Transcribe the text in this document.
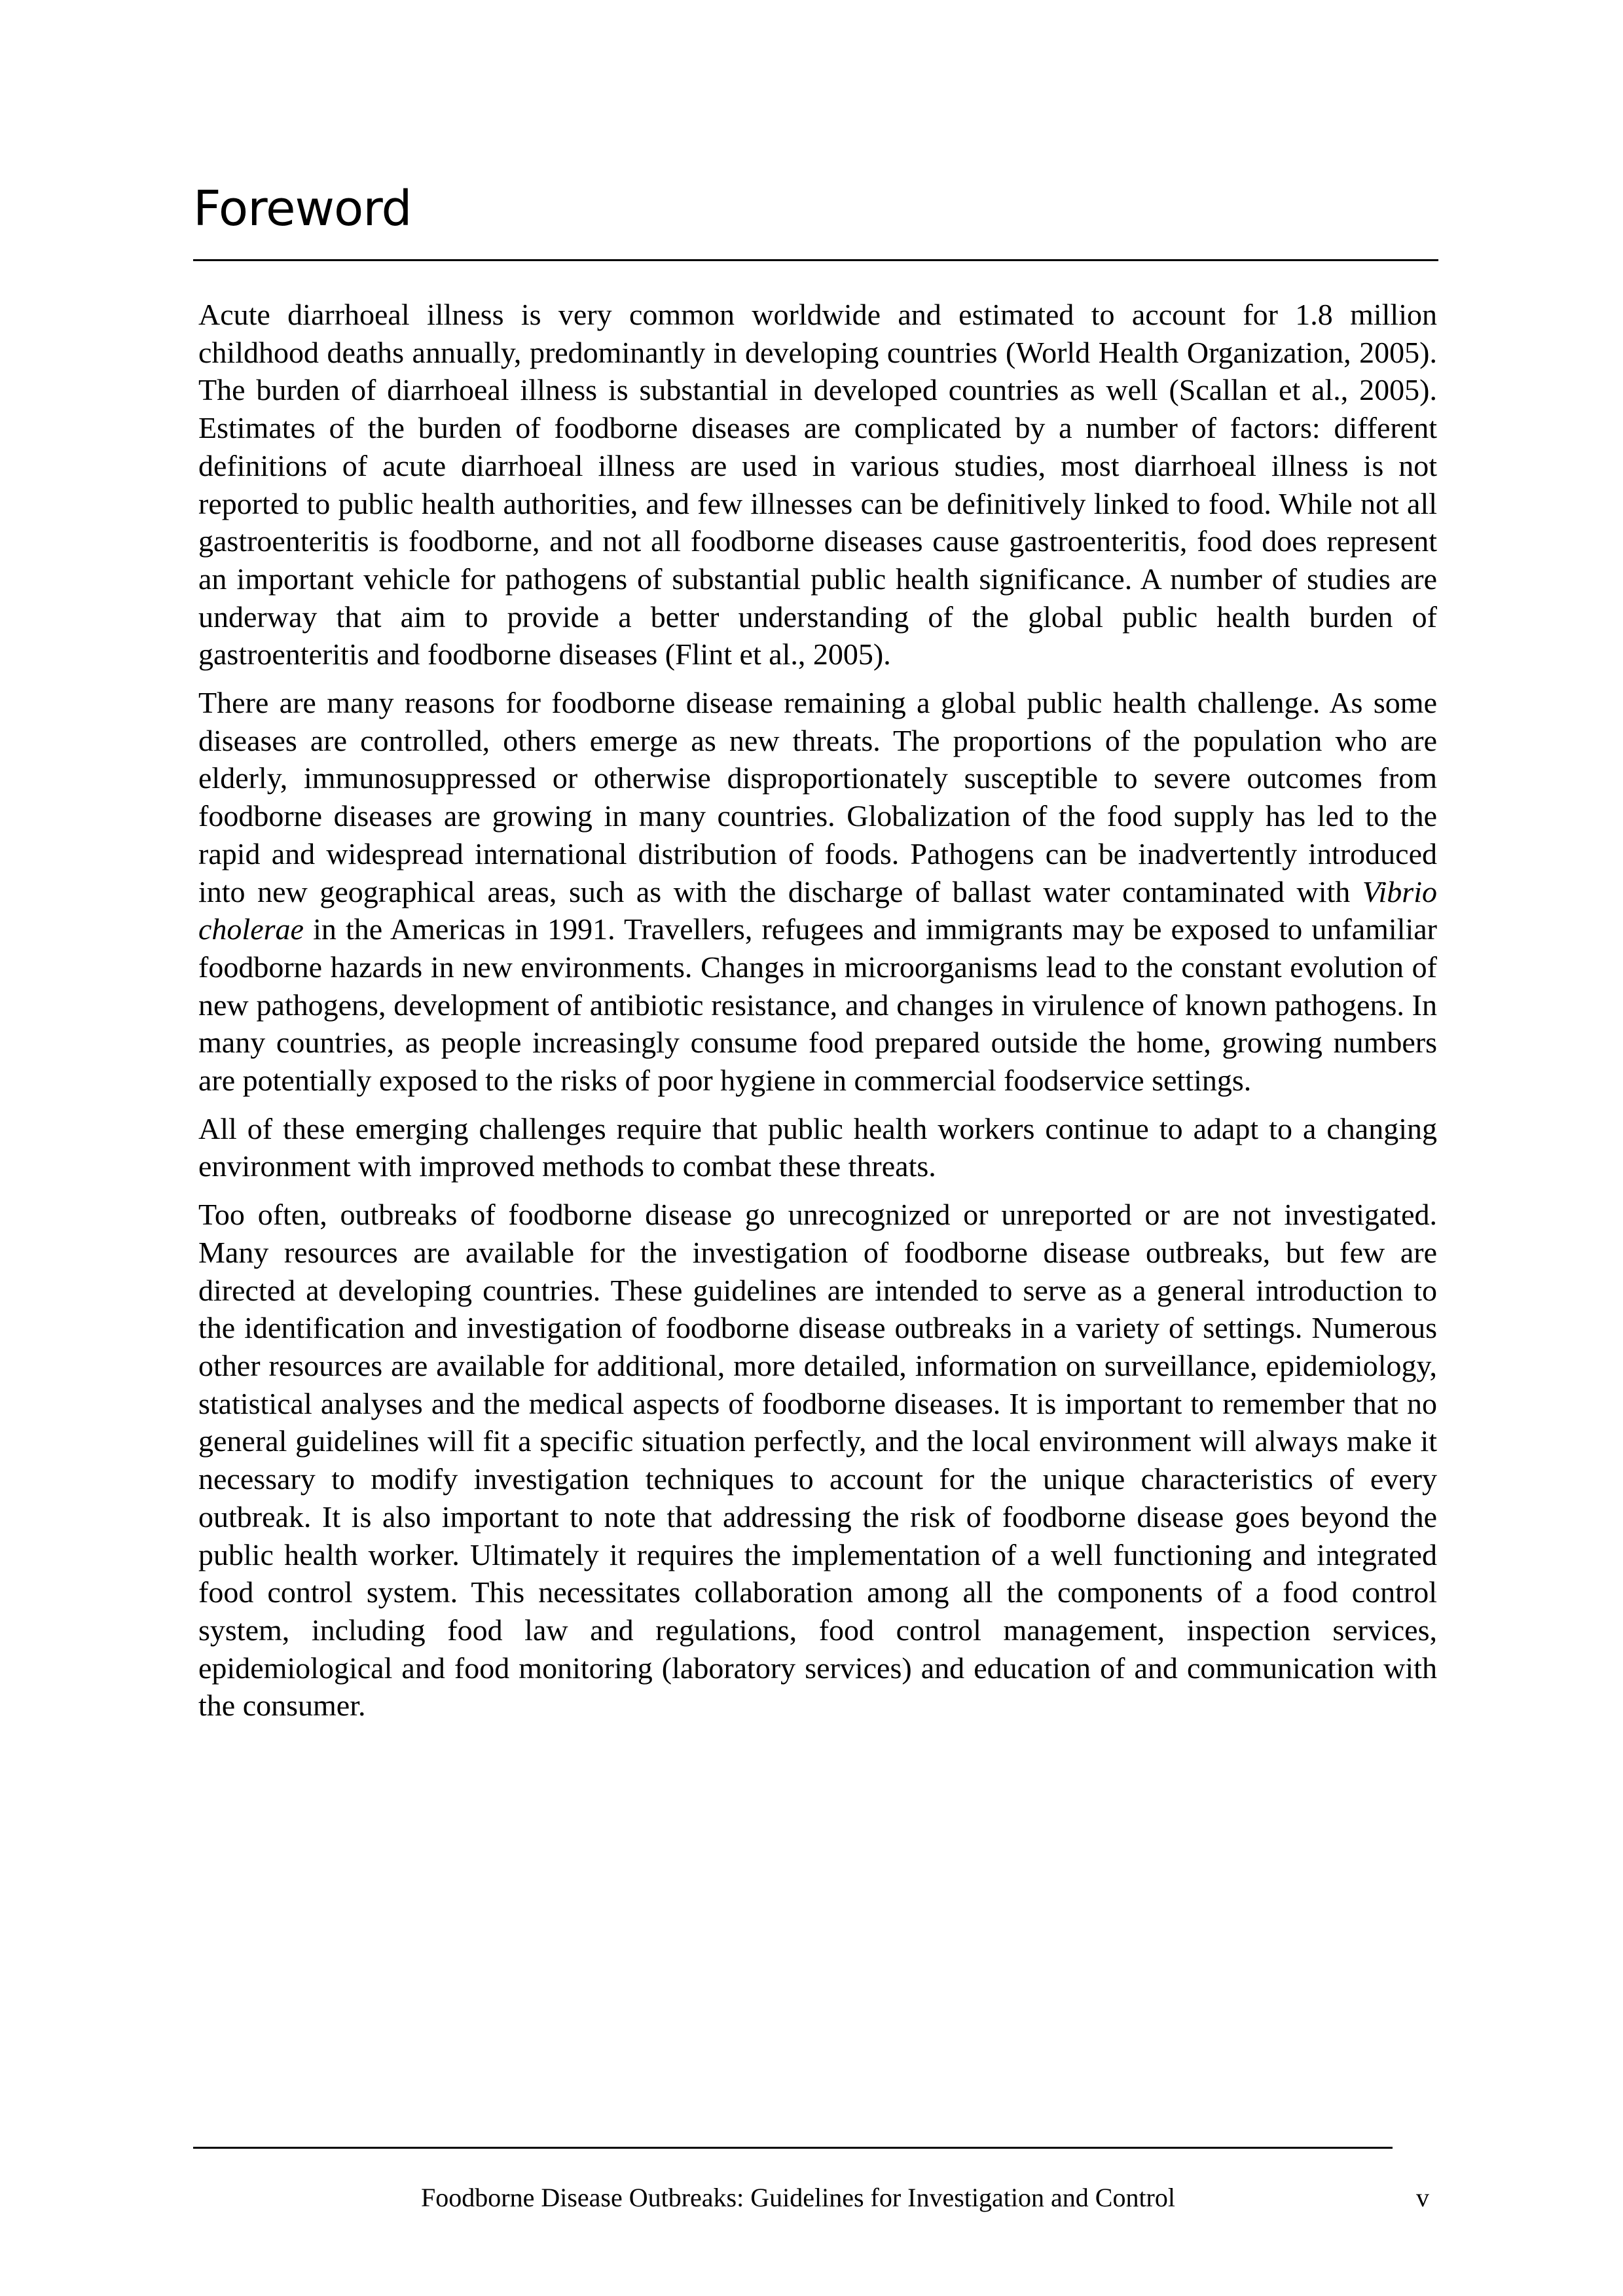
Foreword

Acute diarrhoeal illness is very common worldwide and estimated to account for 1.8 million childhood deaths annually, predominantly in developing countries (World Health Organization, 2005). The burden of diarrhoeal illness is substantial in developed countries as well (Scallan et al., 2005). Estimates of the burden of foodborne diseases are complicated by a number of factors: different definitions of acute diarrhoeal illness are used in various studies, most diarrhoeal illness is not reported to public health authorities, and few illnesses can be definitively linked to food. While not all gastroenteritis is foodborne, and not all foodborne diseases cause gastroenteritis, food does represent an important vehicle for pathogens of substantial public health significance. A number of studies are underway that aim to provide a better understanding of the global public health burden of gastroenteritis and foodborne diseases (Flint et al., 2005).

There are many reasons for foodborne disease remaining a global public health challenge. As some diseases are controlled, others emerge as new threats. The proportions of the population who are elderly, immunosuppressed or otherwise disproportionately susceptible to severe outcomes from foodborne diseases are growing in many countries. Globalization of the food supply has led to the rapid and widespread international distribution of foods. Pathogens can be inadvertently introduced into new geographical areas, such as with the discharge of ballast water contaminated with Vibrio cholerae in the Americas in 1991. Travellers, refugees and immigrants may be exposed to unfamiliar foodborne hazards in new environments. Changes in microorganisms lead to the constant evolution of new pathogens, development of antibiotic resistance, and changes in virulence of known pathogens. In many countries, as people increasingly consume food prepared outside the home, growing numbers are potentially exposed to the risks of poor hygiene in commercial foodservice settings.

All of these emerging challenges require that public health workers continue to adapt to a changing environment with improved methods to combat these threats.

Too often, outbreaks of foodborne disease go unrecognized or unreported or are not investigated. Many resources are available for the investigation of foodborne disease outbreaks, but few are directed at developing countries. These guidelines are intended to serve as a general introduction to the identification and investigation of foodborne disease outbreaks in a variety of settings. Numerous other resources are available for additional, more detailed, information on surveillance, epidemiology, statistical analyses and the medical aspects of foodborne diseases. It is important to remember that no general guidelines will fit a specific situation perfectly, and the local environment will always make it necessary to modify investigation techniques to account for the unique characteristics of every outbreak. It is also important to note that addressing the risk of foodborne disease goes beyond the public health worker. Ultimately it requires the implementation of a well functioning and integrated food control system. This necessitates collaboration among all the components of a food control system, including food law and regulations, food control management, inspection services, epidemiological and food monitoring (laboratory services) and education of and communication with the consumer.

Foodborne Disease Outbreaks: Guidelines for Investigation and Control	v
